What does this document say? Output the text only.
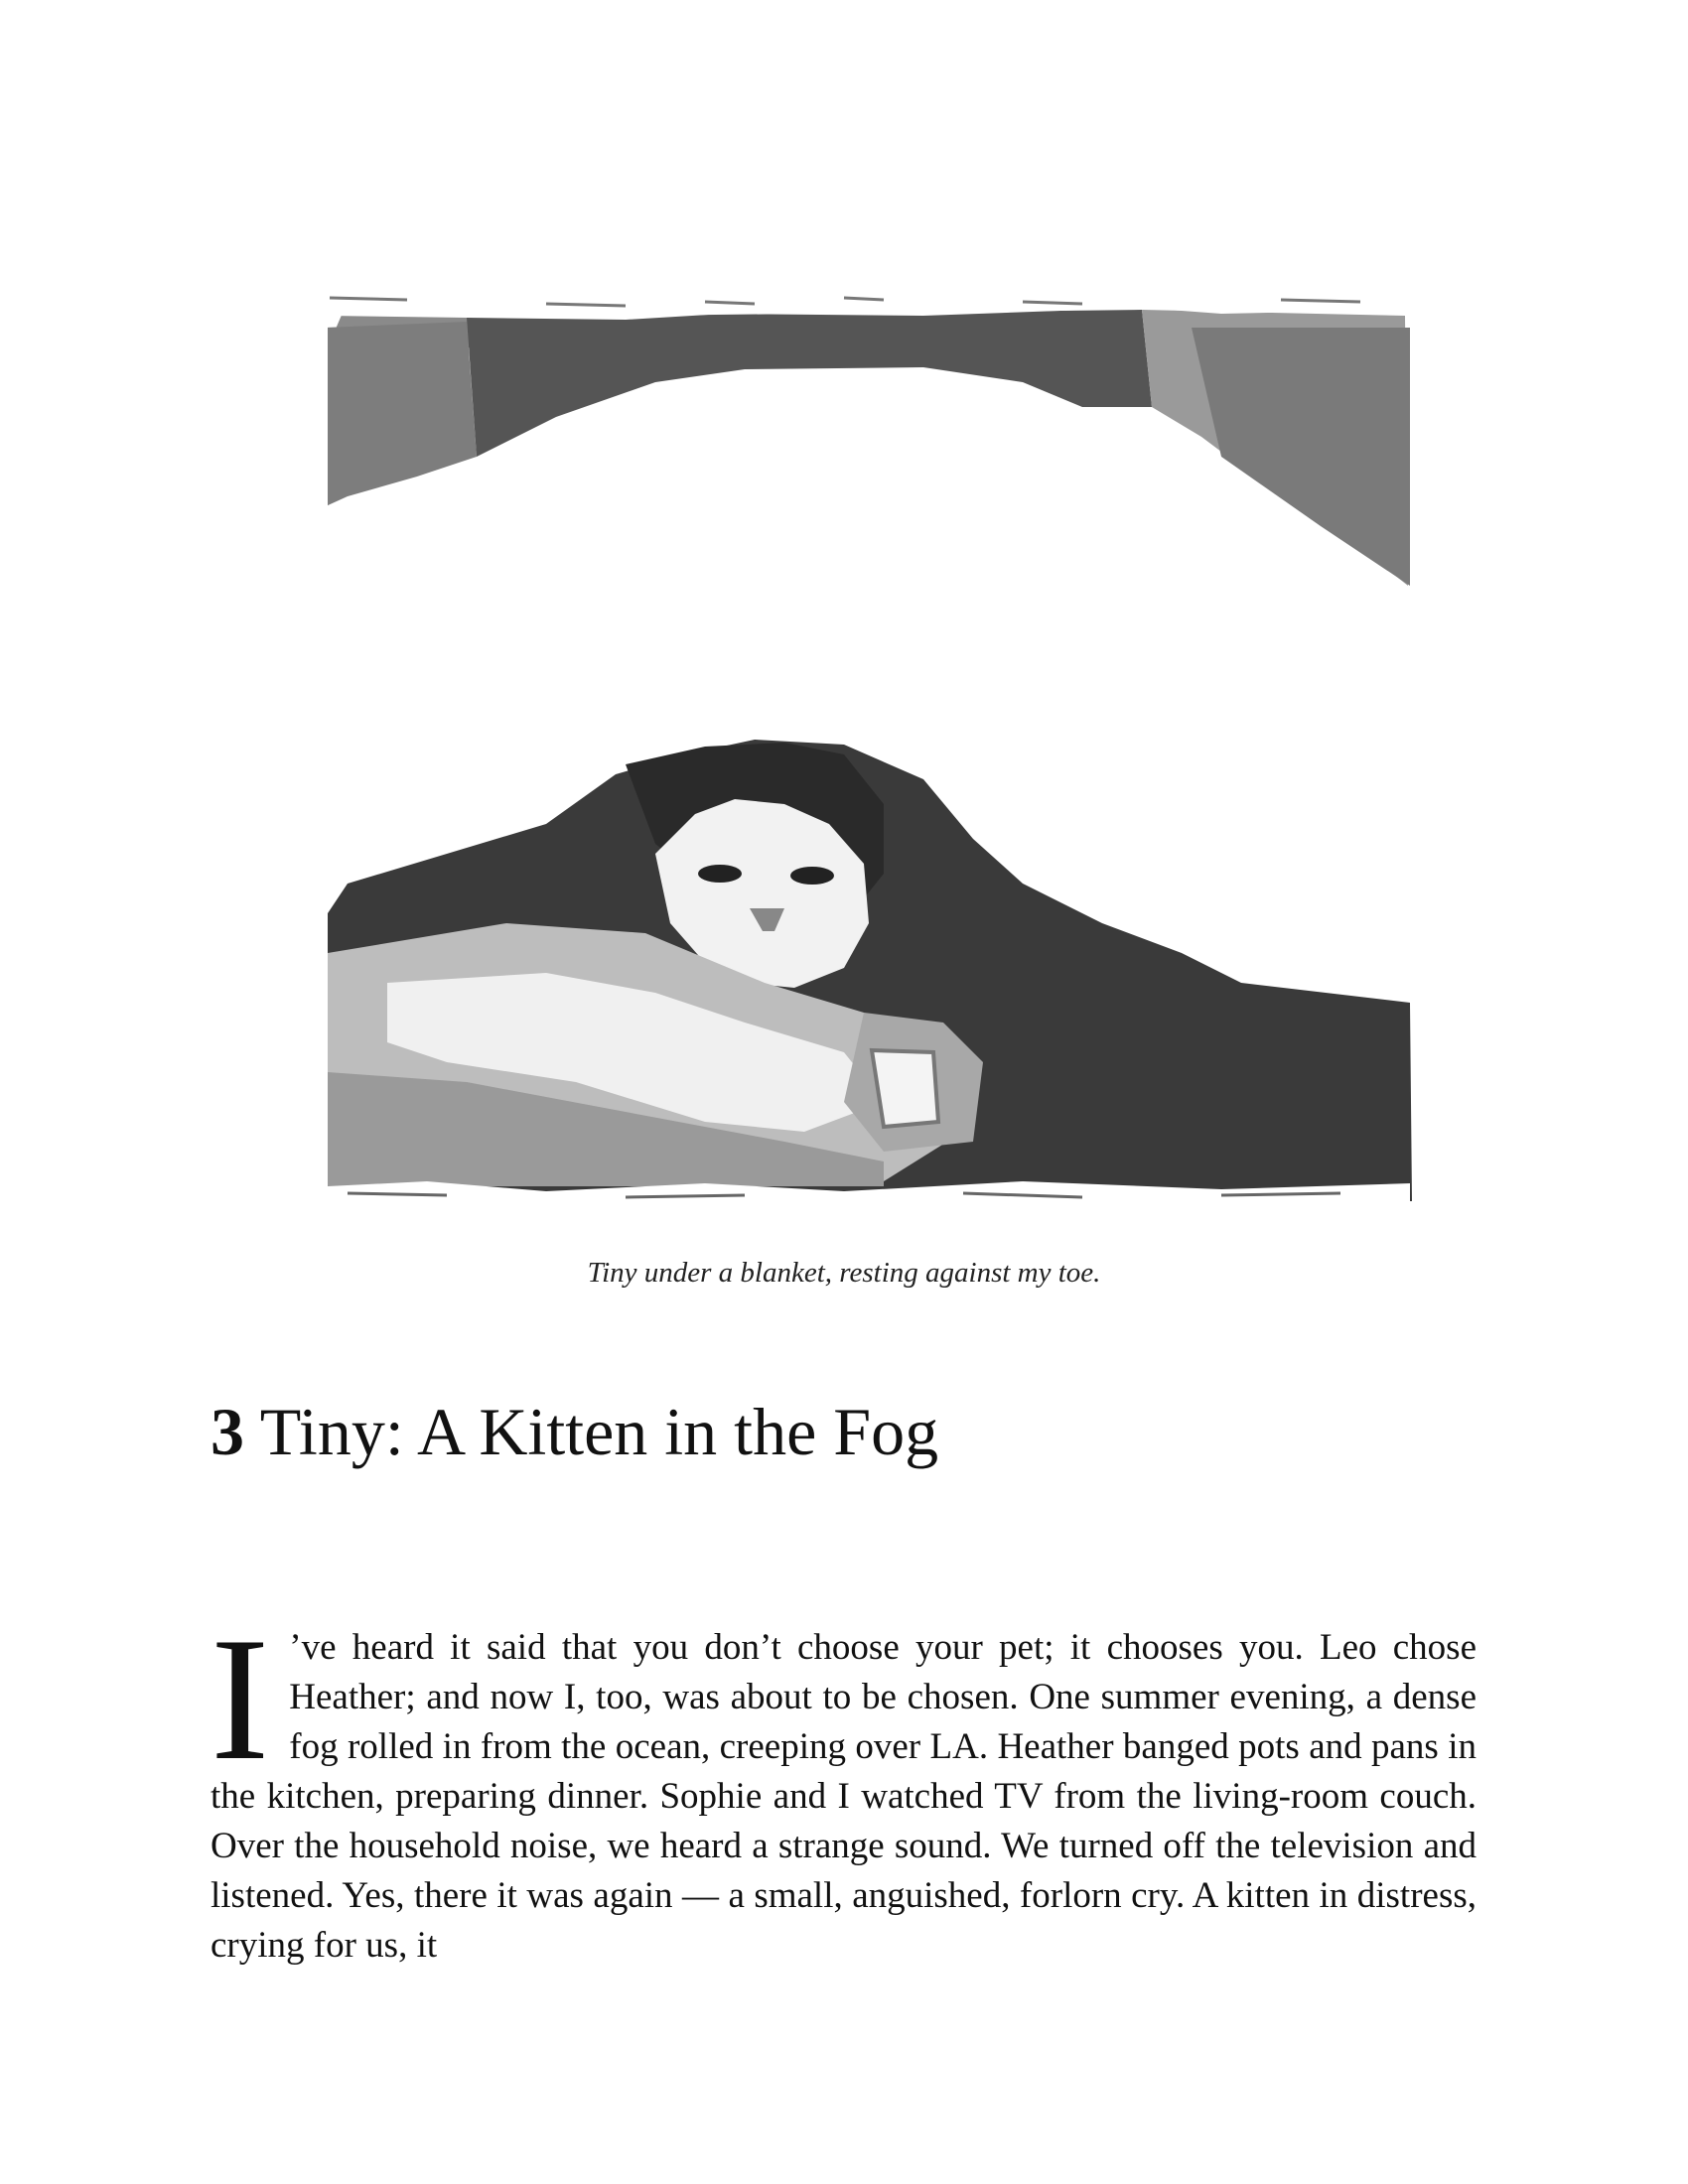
Tiny under a blanket, resting against my toe.
3 Tiny: A Kitten in the Fog

I ’ve heard it said that you don’t choose your pet; it chooses you. Leo chose Heather; and now I, too, was about to be chosen. One summer evening, a dense fog rolled in from the ocean, creeping over LA. Heather banged pots and pans in the kitchen, preparing dinner. Sophie and I watched TV from the living-room couch. Over the household noise, we heard a strange sound. We turned off the television and listened. Yes, there it was again — a small, anguished, forlorn cry. A kitten in distress, crying for us, it
